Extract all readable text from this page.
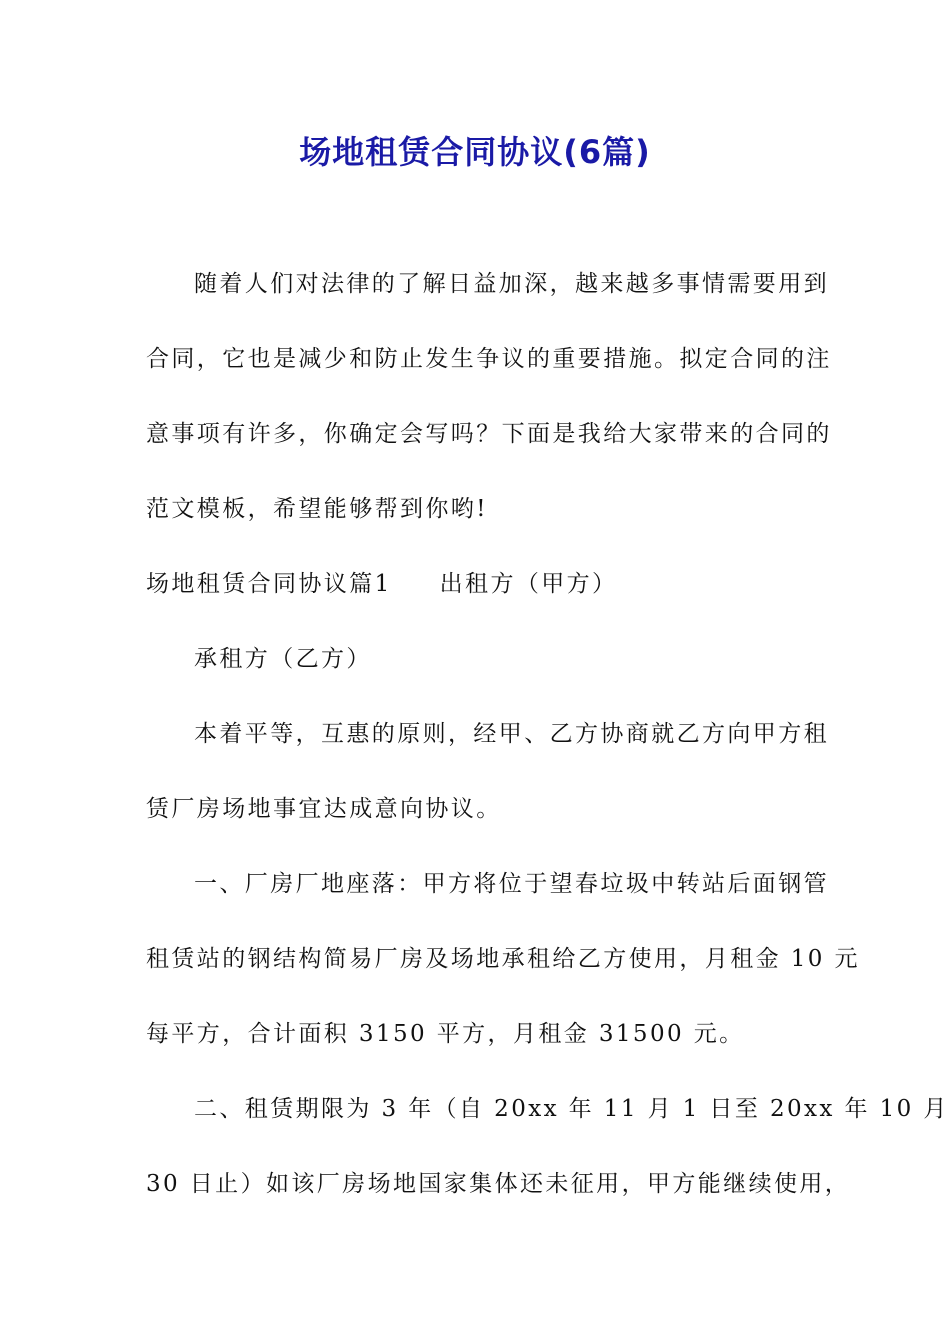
场地租赁合同协议(6篇)
随着人们对法律的了解日益加深，越来越多事情需要用到
合同，它也是减少和防止发生争议的重要措施。拟定合同的注
意事项有许多，你确定会写吗？下面是我给大家带来的合同的
范文模板，希望能够帮到你哟!
场地租赁合同协议篇1 出租方（甲方）
承租方（乙方）
本着平等，互惠的原则，经甲、乙方协商就乙方向甲方租
赁厂房场地事宜达成意向协议。
一、厂房厂地座落：甲方将位于望春垃圾中转站后面钢管
租赁站的钢结构简易厂房及场地承租给乙方使用，月租金 10 元
每平方，合计面积 3150 平方，月租金 31500 元。
二、租赁期限为 3 年（自 20xx 年 11 月 1 日至 20xx 年 10 月
30 日止）如该厂房场地国家集体还未征用，甲方能继续使用，
